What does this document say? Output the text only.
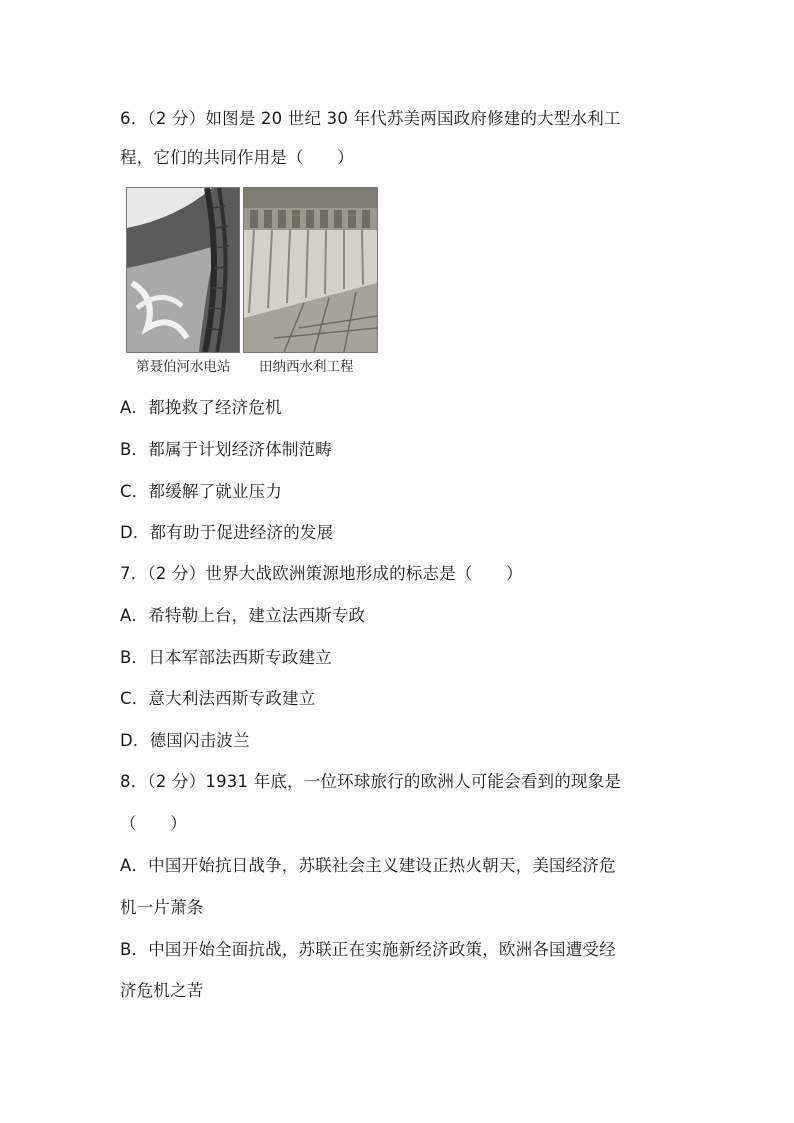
6．（2 分）如图是 20 世纪 30 年代苏美两国政府修建的大型水利工
程，它们的共同作用是（　　）
第聂伯河水电站 田纳西水利工程
A．都挽救了经济危机
B．都属于计划经济体制范畴
C．都缓解了就业压力
D．都有助于促进经济的发展
7．（2 分）世界大战欧洲策源地形成的标志是（　　）
A．希特勒上台，建立法西斯专政
B．日本军部法西斯专政建立
C．意大利法西斯专政建立
D．德国闪击波兰
8．（2 分）1931 年底，一位环球旅行的欧洲人可能会看到的现象是
（　　）
A．中国开始抗日战争，苏联社会主义建设正热火朝天，美国经济危
机一片萧条
B．中国开始全面抗战，苏联正在实施新经济政策，欧洲各国遭受经
济危机之苦
